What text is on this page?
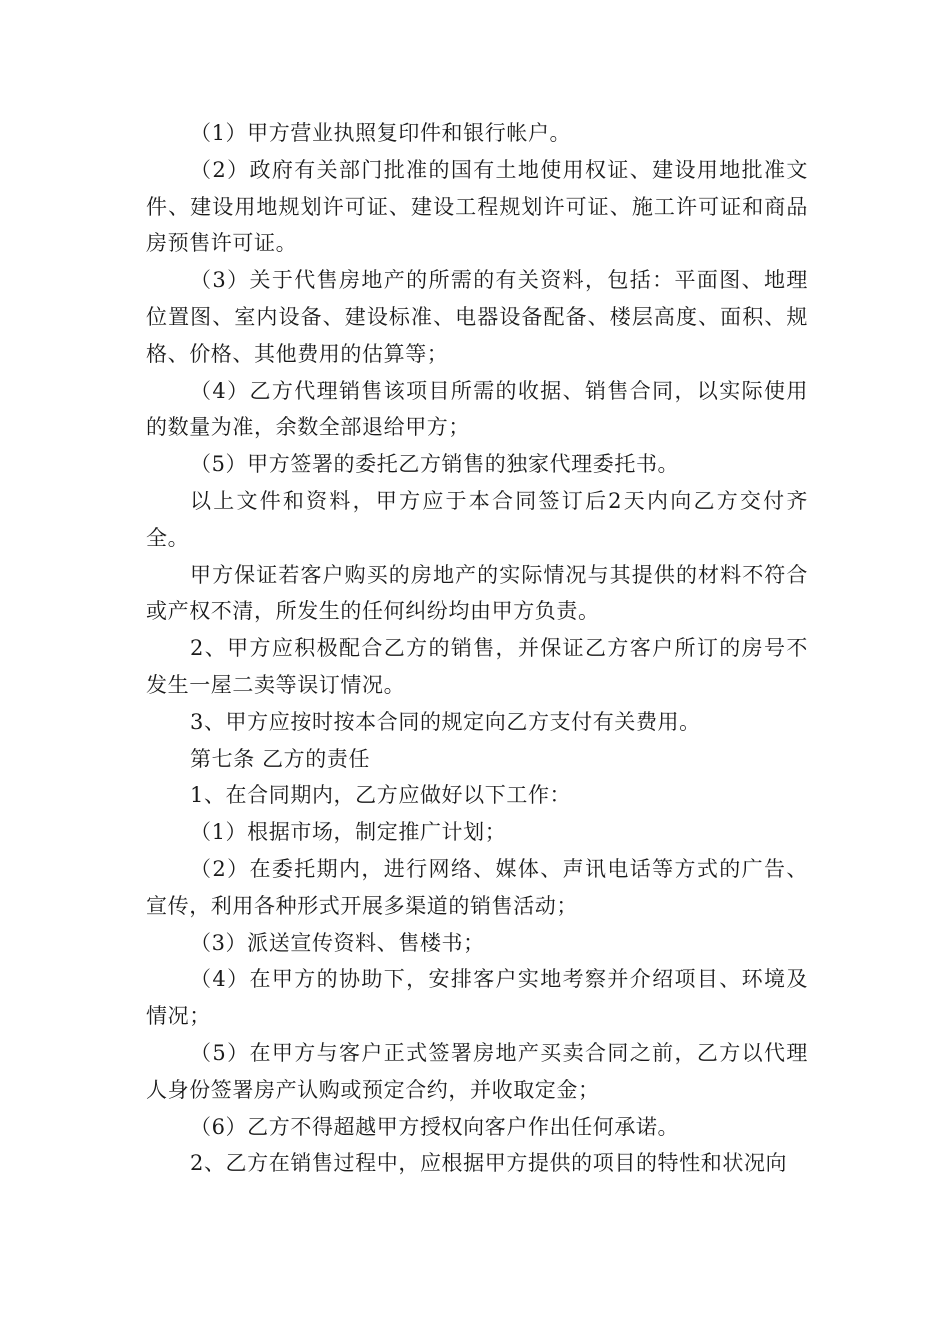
（1）甲方营业执照复印件和银行帐户。

（2）政府有关部门批准的国有土地使用权证、建设用地批准文件、建设用地规划许可证、建设工程规划许可证、施工许可证和商品房预售许可证。

（3）关于代售房地产的所需的有关资料，包括：平面图、地理位置图、室内设备、建设标准、电器设备配备、楼层高度、面积、规格、价格、其他费用的估算等；

（4）乙方代理销售该项目所需的收据、销售合同，以实际使用的数量为准，余数全部退给甲方；

（5）甲方签署的委托乙方销售的独家代理委托书。

以上文件和资料，甲方应于本合同签订后2天内向乙方交付齐全。

甲方保证若客户购买的房地产的实际情况与其提供的材料不符合或产权不清，所发生的任何纠纷均由甲方负责。

2、甲方应积极配合乙方的销售，并保证乙方客户所订的房号不发生一屋二卖等误订情况。

3、甲方应按时按本合同的规定向乙方支付有关费用。

第七条 乙方的责任

1、在合同期内，乙方应做好以下工作：

（1）根据市场，制定推广计划；

（2）在委托期内，进行网络、媒体、声讯电话等方式的广告、宣传，利用各种形式开展多渠道的销售活动；

（3）派送宣传资料、售楼书；

（4）在甲方的协助下，安排客户实地考察并介绍项目、环境及情况；

（5）在甲方与客户正式签署房地产买卖合同之前，乙方以代理人身份签署房产认购或预定合约，并收取定金；

（6）乙方不得超越甲方授权向客户作出任何承诺。

2、乙方在销售过程中，应根据甲方提供的项目的特性和状况向
